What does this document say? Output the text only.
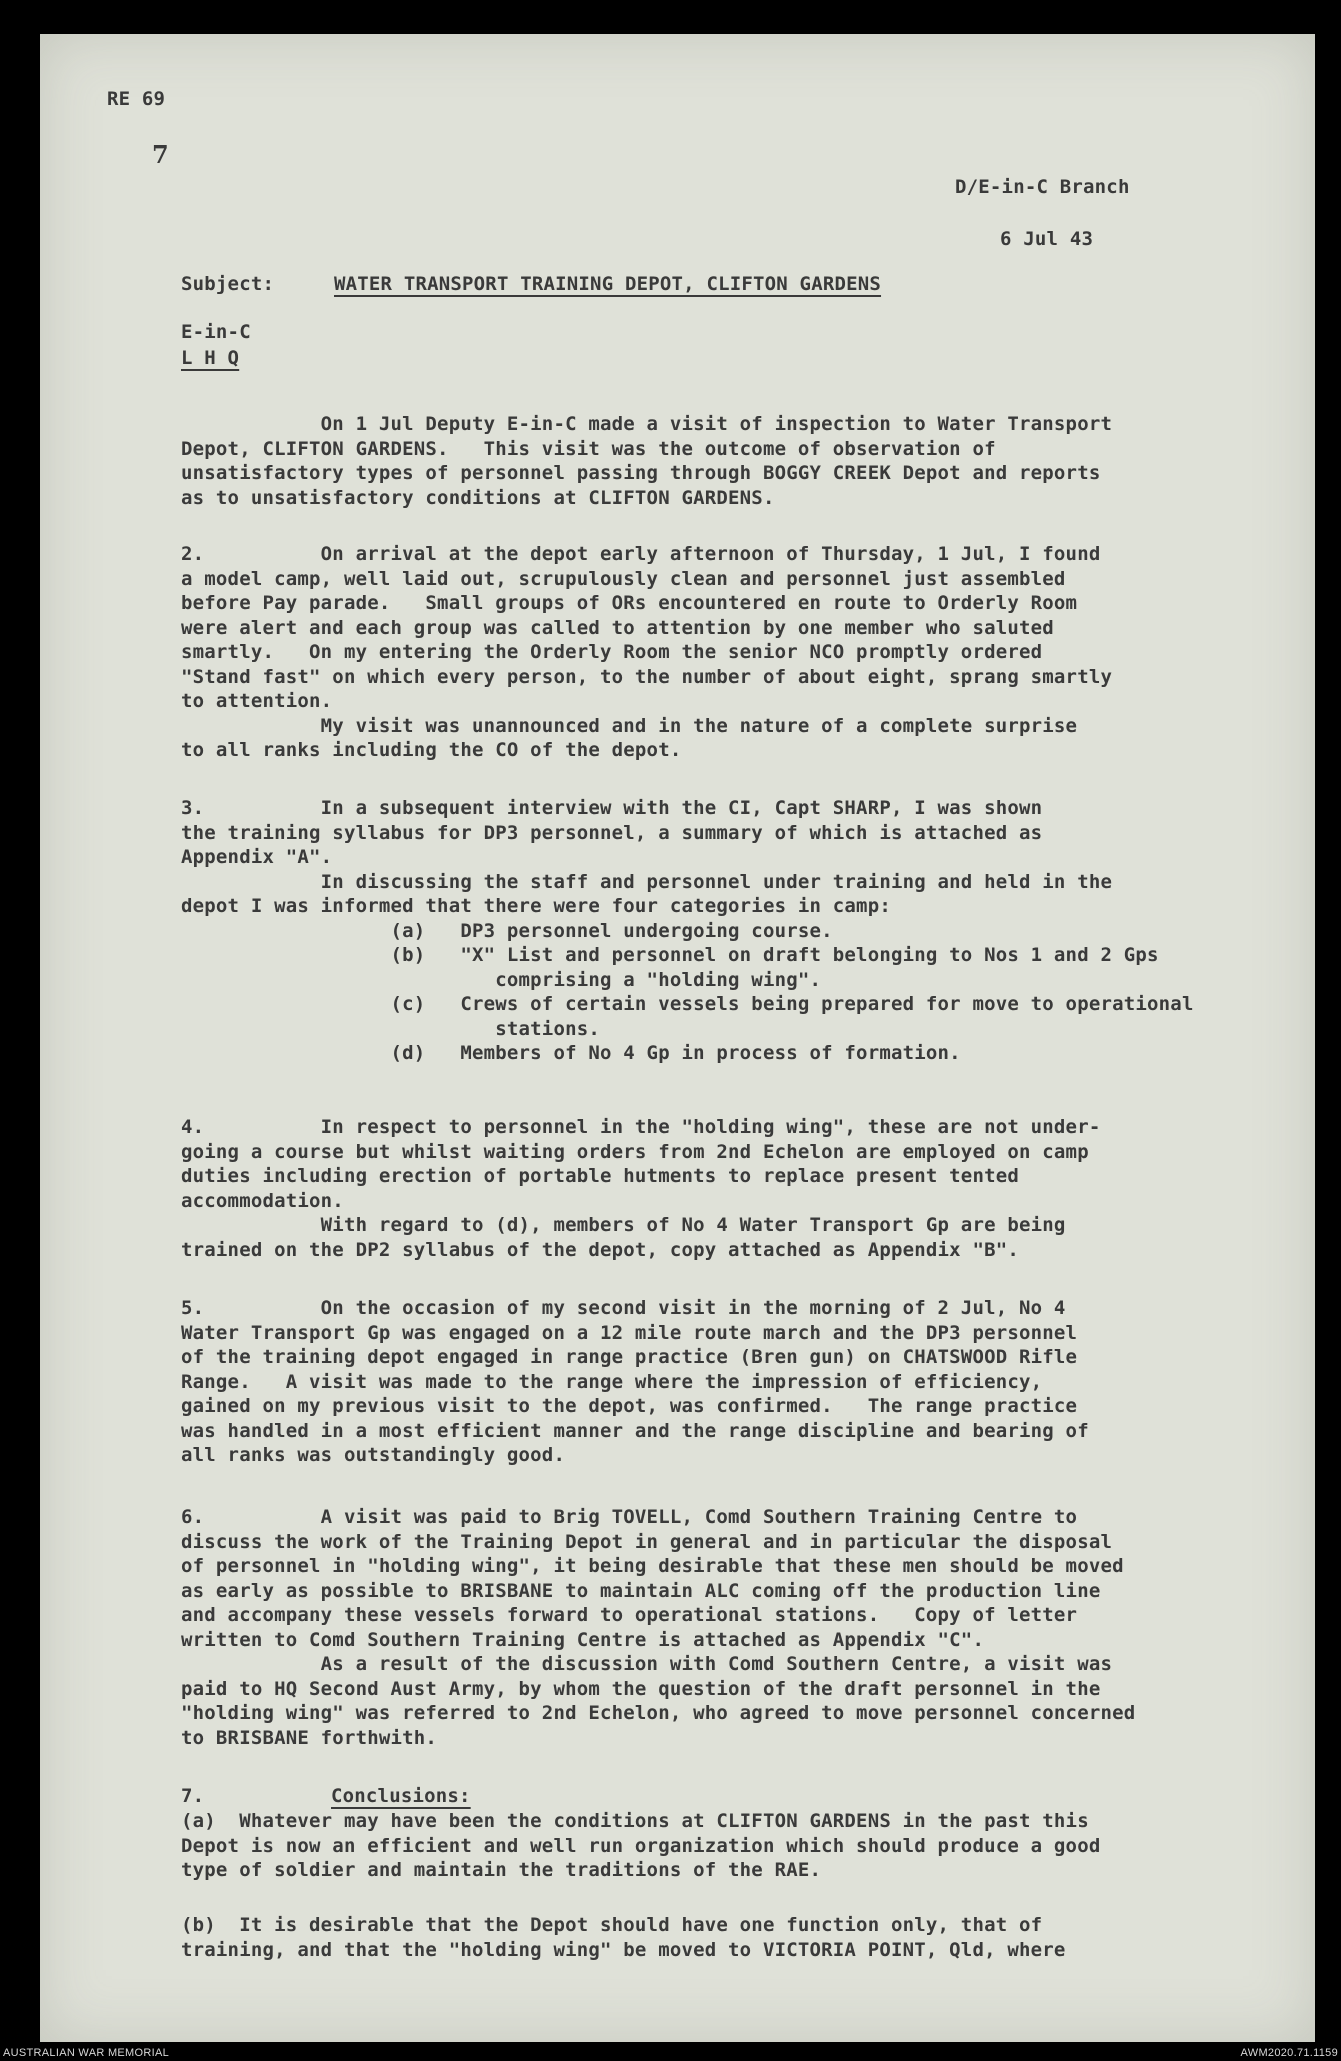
RE 69

7

D/E-in-C Branch

6 Jul 43

Subject:	WATER TRANSPORT TRAINING DEPOT, CLIFTON GARDENS

E-in-C

L H Q

On 1 Jul Deputy E-in-C made a visit of inspection to Water Transport
Depot, CLIFTON GARDENS.   This visit was the outcome of observation of
unsatisfactory types of personnel passing through BOGGY CREEK Depot and reports
as to unsatisfactory conditions at CLIFTON GARDENS.

2.          On arrival at the depot early afternoon of Thursday, 1 Jul, I found
a model camp, well laid out, scrupulously clean and personnel just assembled
before Pay parade.   Small groups of ORs encountered en route to Orderly Room
were alert and each group was called to attention by one member who saluted
smartly.   On my entering the Orderly Room the senior NCO promptly ordered
"Stand fast" on which every person, to the number of about eight, sprang smartly
to attention.
My visit was unannounced and in the nature of a complete surprise
to all ranks including the CO of the depot.

3.          In a subsequent interview with the CI, Capt SHARP, I was shown
the training syllabus for DP3 personnel, a summary of which is attached as
Appendix "A".
In discussing the staff and personnel under training and held in the
depot I was informed that there were four categories in camp:
(a)   DP3 personnel undergoing course.
(b)   "X" List and personnel on draft belonging to Nos 1 and 2 Gps
comprising a "holding wing".
(c)   Crews of certain vessels being prepared for move to operational
stations.
(d)   Members of No 4 Gp in process of formation.

4.          In respect to personnel in the "holding wing", these are not under-
going a course but whilst waiting orders from 2nd Echelon are employed on camp
duties including erection of portable hutments to replace present tented
accommodation.
With regard to (d), members of No 4 Water Transport Gp are being
trained on the DP2 syllabus of the depot, copy attached as Appendix "B".

5.          On the occasion of my second visit in the morning of 2 Jul, No 4
Water Transport Gp was engaged on a 12 mile route march and the DP3 personnel
of the training depot engaged in range practice (Bren gun) on CHATSWOOD Rifle
Range.   A visit was made to the range where the impression of efficiency,
gained on my previous visit to the depot, was confirmed.   The range practice
was handled in a most efficient manner and the range discipline and bearing of
all ranks was outstandingly good.

6.          A visit was paid to Brig TOVELL, Comd Southern Training Centre to
discuss the work of the Training Depot in general and in particular the disposal
of personnel in "holding wing", it being desirable that these men should be moved
as early as possible to BRISBANE to maintain ALC coming off the production line
and accompany these vessels forward to operational stations.   Copy of letter
written to Comd Southern Training Centre is attached as Appendix "C".
As a result of the discussion with Comd Southern Centre, a visit was
paid to HQ Second Aust Army, by whom the question of the draft personnel in the
"holding wing" was referred to 2nd Echelon, who agreed to move personnel concerned
to BRISBANE forthwith.

7.	Conclusions:

(a)  Whatever may have been the conditions at CLIFTON GARDENS in the past this
Depot is now an efficient and well run organization which should produce a good
type of soldier and maintain the traditions of the RAE.

(b)  It is desirable that the Depot should have one function only, that of
training, and that the "holding wing" be moved to VICTORIA POINT, Qld, where

AUSTRALIAN WAR MEMORIAL	AWM2020.71.1159
